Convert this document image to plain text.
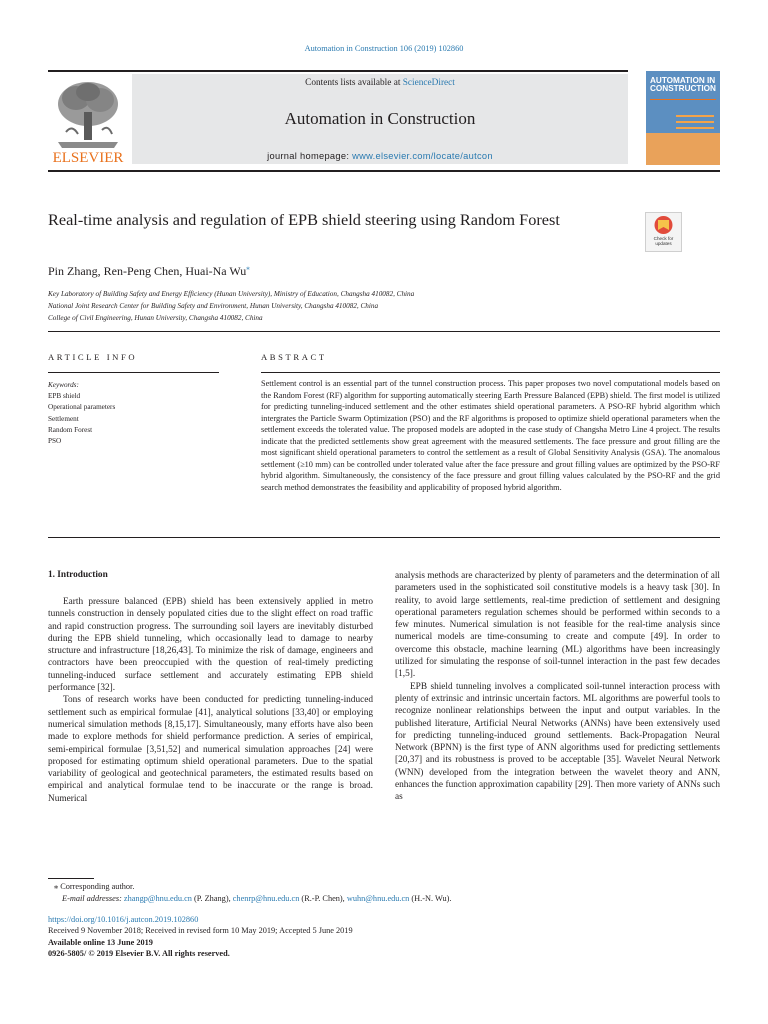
Automation in Construction 106 (2019) 102860
ELSEVIER
Contents lists available at ScienceDirect
Automation in Construction
journal homepage: www.elsevier.com/locate/autcon
AUTOMATION IN
CONSTRUCTION
Real-time analysis and regulation of EPB shield steering using Random Forest
Check for updates
Pin Zhang, Ren-Peng Chen, Huai-Na Wu⁎
Key Laboratory of Building Safety and Energy Efficiency (Hunan University), Ministry of Education, Changsha 410082, China
National Joint Research Center for Building Safety and Environment, Hunan University, Changsha 410082, China
College of Civil Engineering, Hunan University, Changsha 410082, China
ARTICLE INFO	ABSTRACT
Keywords:
EPB shield
Operational parameters
Settlement
Random Forest
PSO
Settlement control is an essential part of the tunnel construction process. This paper proposes two novel computational models based on the Random Forest (RF) algorithm for supporting automatically steering Earth Pressure Balanced (EPB) shield. The first model is utilized for predicting tunneling-induced settlement and the other estimates shield operational parameters. A PSO-RF hybrid algorithm which intergrates the Particle Swarm Optimization (PSO) and the RF algorithms is proposed to optimize shield operational parameters when the settlement exceeds the tolerated value. The proposed models are adopted in the case study of Changsha Metro Line 4 project. The results indicate that the predicted settlements show great agreement with the measured settlements. The face pressure and grout filling are the most significant shield operational parameters to control the settlement as a result of Global Sensitivity Analysis (GSA). The anomalous settlement (≥10 mm) can be controlled under tolerated value after the face pressure and grout filling values are optimized by the PSO-RF hybrid algorithm. Simultaneously, the consistency of the face pressure and grout filling values calculated by the PSO-RF and the grid search method demonstrates the feasibility and applicability of proposed hybrid algorithm.
1. Introduction

Earth pressure balanced (EPB) shield has been extensively applied in metro tunnels construction in densely populated cities due to the slight effect on road traffic and rapid construction progress. The surrounding soil layers are inevitably disturbed during the EPB shield tunneling, which occasionally lead to damage to nearby structure and infrastructure [18,26,43]. To minimize the risk of damage, engineers and contractors have been preoccupied with the question of real-timely predicting tunneling-induced surface settlement and accurately estimating EPB shield performance [32].

Tons of research works have been conducted for predicting tunneling-induced settlement such as empirical formulae [41], analytical solutions [33,40] or employing numerical simulation methods [8,15,17]. Simultaneously, many efforts have also been made to explore methods for shield performance prediction. A series of empirical, semi-empirical formulae [3,51,52] and numerical simulation approaches [24] were proposed for estimating optimum shield operational parameters. Due to the spatial variability of geological and geotechnical parameters, the estimated results based on empirical and analytical formulae tend to be inaccurate or the range is broad. Numerical

analysis methods are characterized by plenty of parameters and the determination of all parameters used in the sophisticated soil constitutive models is a heavy task [30]. In reality, to avoid large settlements, real-time prediction of settlement and designing operational parameters regulation schemes should be performed within seconds to a few minutes. Numerical simulation is not feasible for the real-time analysis since numerical models are time-consuming to create and compute [49]. In order to overcome this obstacle, machine learning (ML) algorithms have been increasingly utilized for simulating the response of soil-tunnel interaction in the past few decades [1,5].

EPB shield tunneling involves a complicated soil-tunnel interaction process with plenty of extrinsic and intrinsic uncertain factors. ML algorithms are powerful tools to recognize nonlinear relationships between the input and output variables. In the published literature, Artificial Neural Networks (ANNs) have been extensively used for predicting tunneling-induced ground settlements. Back-Propagation Neural Network (BPNN) is the first type of ANN algorithms used for predicting settlements [20,37] and its robustness is proved to be acceptable [35]. Wavelet Neural Network (WNN) developed from the integration between the wavelet theory and ANN, enhances the function approximation capability [29]. Then more variety of ANNs such as

⁎ Corresponding author.
E-mail addresses: zhangp@hnu.edu.cn (P. Zhang), chenrp@hnu.edu.cn (R.-P. Chen), wuhn@hnu.edu.cn (H.-N. Wu).
https://doi.org/10.1016/j.autcon.2019.102860
Received 9 November 2018; Received in revised form 10 May 2019; Accepted 5 June 2019
Available online 13 June 2019
0926-5805/ © 2019 Elsevier B.V. All rights reserved.
